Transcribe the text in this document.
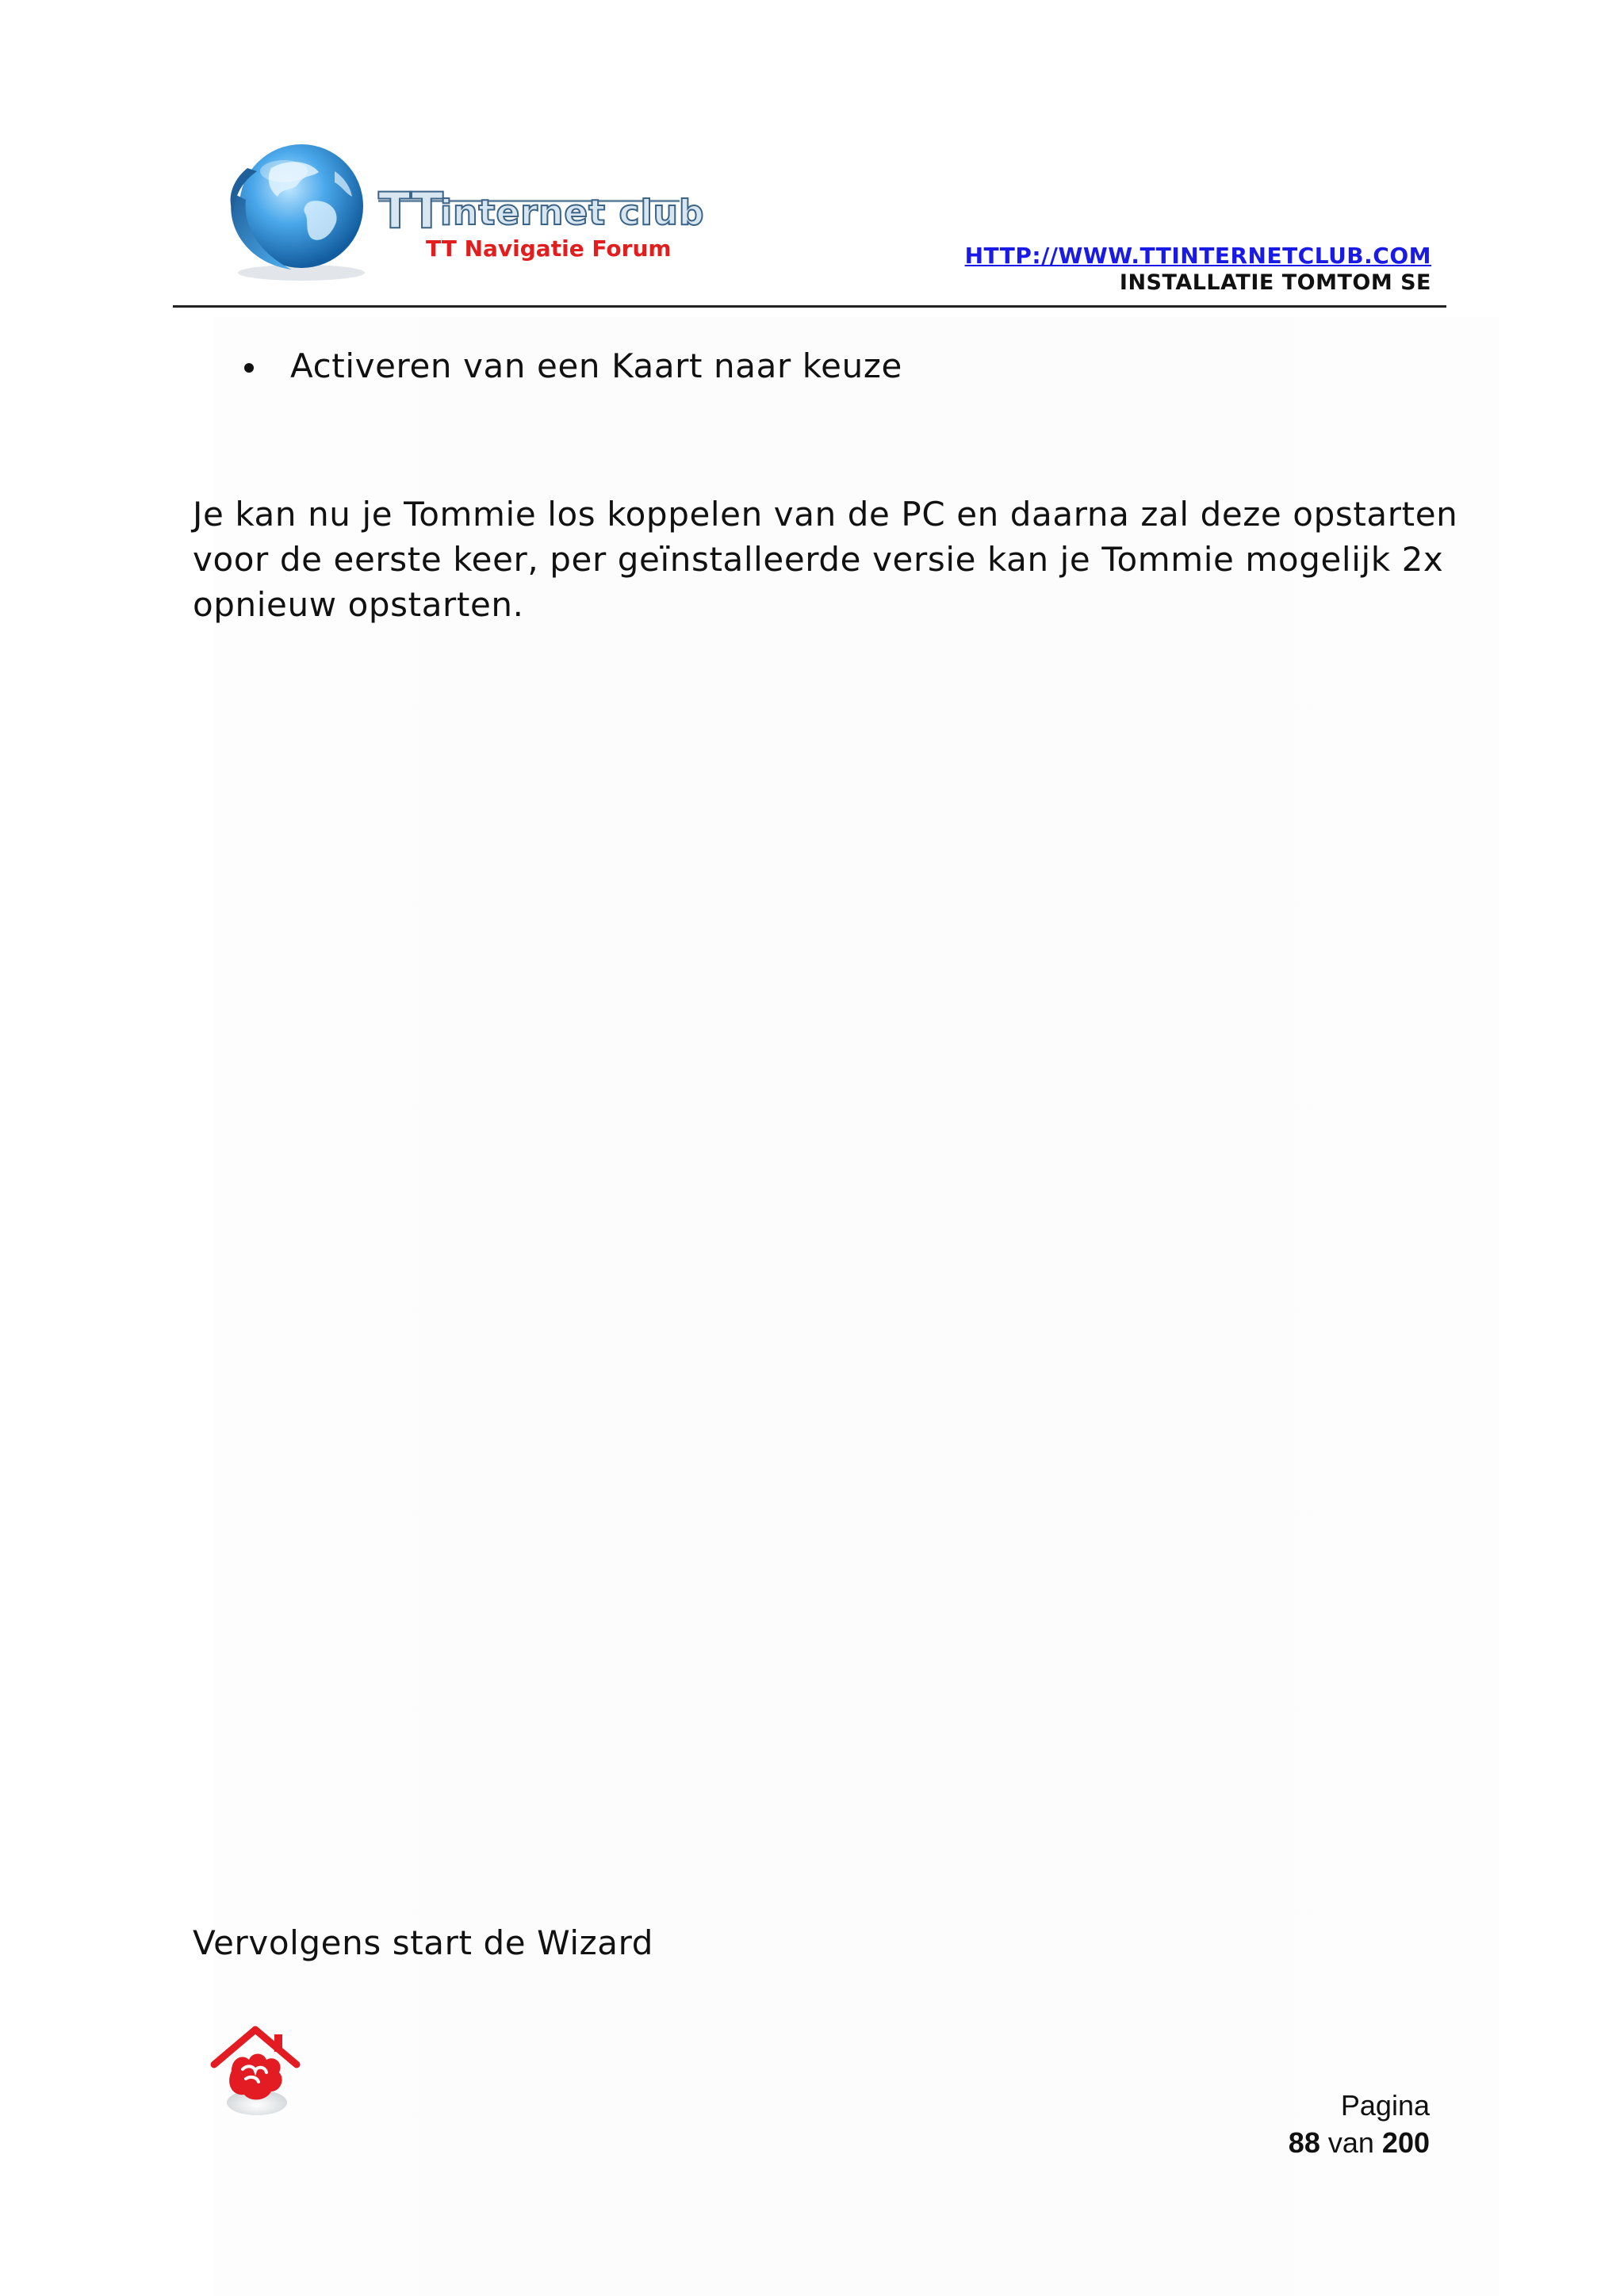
TTinternet club
TT Navigatie Forum	HTTP://WWW.TTINTERNETCLUB.COM
INSTALLATIE TOMTOM SE
Activeren van een Kaart naar keuze

Je kan nu je Tommie los koppelen van de PC en daarna zal deze opstarten
voor de eerste keer, per geïnstalleerde versie kan je Tommie mogelijk 2x
opnieuw opstarten.

Vervolgens start de Wizard

Pagina
88 van 200
